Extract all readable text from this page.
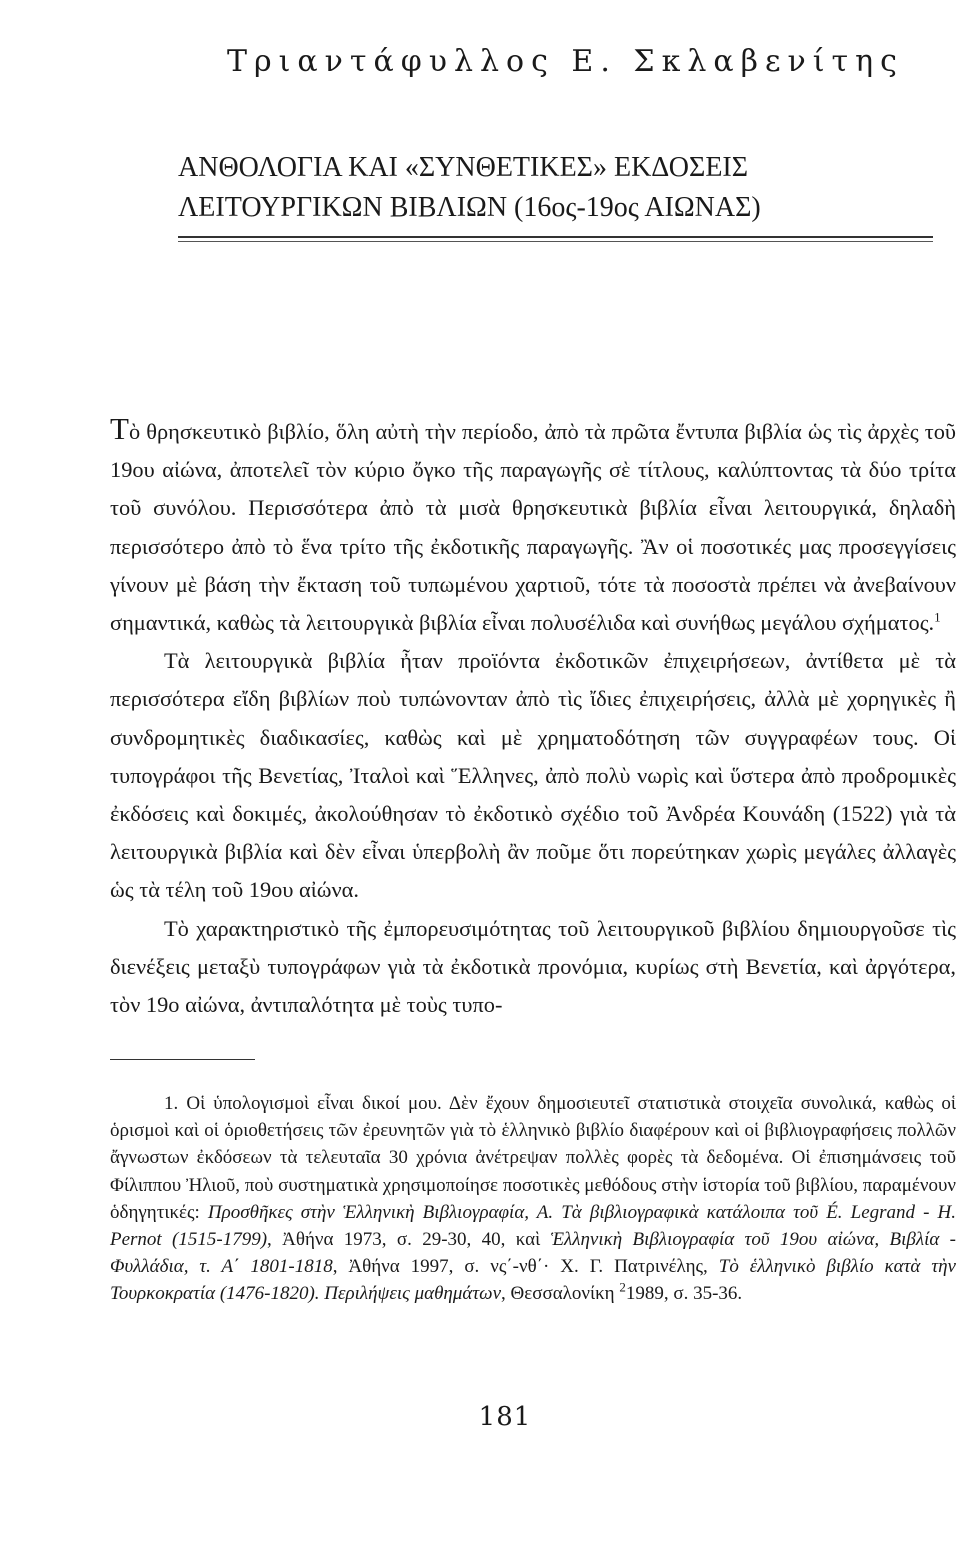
Τριαντάφυλλος Ε. Σκλαβενίτης
ΑΝΘΟΛΟΓΙΑ ΚΑΙ «ΣΥΝΘΕΤΙΚΕΣ» ΕΚΔΟΣΕΙΣ
ΛΕΙΤΟΥΡΓΙΚΩΝ ΒΙΒΛΙΩΝ (16ος-19ος ΑΙΩΝΑΣ)

Τὸ θρησκευτικὸ βιβλίο, ὅλη αὐτὴ τὴν περίοδο, ἀπὸ τὰ πρῶτα ἔντυπα βιβλία ὡς τὶς ἀρχὲς τοῦ 19ου αἰώνα, ἀποτελεῖ τὸν κύριο ὄγκο τῆς παραγωγῆς σὲ τίτλους, καλύπτοντας τὰ δύο τρίτα τοῦ συνόλου. Περισσότερα ἀπὸ τὰ μισὰ θρησκευτικὰ βιβλία εἶναι λειτουργικά, δηλαδὴ περισσότερο ἀπὸ τὸ ἕνα τρίτο τῆς ἐκδοτικῆς παραγωγῆς. Ἂν οἱ ποσοτικές μας προσεγγίσεις γίνουν μὲ βάση τὴν ἔκταση τοῦ τυπωμένου χαρτιοῦ, τότε τὰ ποσοστὰ πρέπει νὰ ἀνεβαίνουν σημαντικά, καθὼς τὰ λειτουργικὰ βιβλία εἶναι πολυσέλιδα καὶ συνήθως μεγάλου σχήματος.$^1$

Τὰ λειτουργικὰ βιβλία ἦταν προϊόντα ἐκδοτικῶν ἐπιχειρήσεων, ἀντίθετα μὲ τὰ περισσότερα εἴδη βιβλίων ποὺ τυπώνονταν ἀπὸ τὶς ἴδιες ἐπιχειρήσεις, ἀλλὰ μὲ χορηγικὲς ἢ συνδρομητικὲς διαδικασίες, καθὼς καὶ μὲ χρηματοδότηση τῶν συγγραφέων τους. Οἱ τυπογράφοι τῆς Βενετίας, Ἰταλοὶ καὶ Ἕλληνες, ἀπὸ πολὺ νωρὶς καὶ ὕστερα ἀπὸ προδρομικὲς ἐκδόσεις καὶ δοκιμές, ἀκολούθησαν τὸ ἐκδοτικὸ σχέδιο τοῦ Ἀνδρέα Κουνάδη (1522) γιὰ τὰ λειτουργικὰ βιβλία καὶ δὲν εἶναι ὑπερβολὴ ἂν ποῦμε ὅτι πορεύτηκαν χωρὶς μεγάλες ἀλλαγὲς ὡς τὰ τέλη τοῦ 19ου αἰώνα.

Τὸ χαρακτηριστικὸ τῆς ἐμπορευσιμότητας τοῦ λειτουργικοῦ βιβλίου δημιουργοῦσε τὶς διενέξεις μεταξὺ τυπογράφων γιὰ τὰ ἐκδοτικὰ προνόμια, κυρίως στὴ Βενετία, καὶ ἀργότερα, τὸν 19ο αἰώνα, ἀντιπαλότητα μὲ τοὺς τυπο-

1. Οἱ ὑπολογισμοὶ εἶναι δικοί μου. Δὲν ἔχουν δημοσιευτεῖ στατιστικὰ στοιχεῖα συνολικά, καθὼς οἱ ὁρισμοὶ καὶ οἱ ὁριοθετήσεις τῶν ἐρευνητῶν γιὰ τὸ ἑλληνικὸ βιβλίο διαφέρουν καὶ οἱ βιβλιογραφήσεις πολλῶν ἄγνωστων ἐκδόσεων τὰ τελευταῖα 30 χρόνια ἀνέτρεψαν πολλὲς φορὲς τὰ δεδομένα. Οἱ ἐπισημάνσεις τοῦ Φίλιππου Ἠλιοῦ, ποὺ συστηματικὰ χρησιμοποίησε ποσοτικὲς μεθόδους στὴν ἱστορία τοῦ βιβλίου, παραμένουν ὁδηγητικές: Προσθῆκες στὴν Ἑλληνικὴ Βιβλιογραφία, Α. Τὰ βιβλιογραφικὰ κατάλοιπα τοῦ É. Legrand - H. Pernot (1515-1799), Ἀθήνα 1973, σ. 29-30, 40, καὶ Ἑλληνικὴ Βιβλιογραφία τοῦ 19ου αἰώνα, Βιβλία - Φυλλάδια, τ. Α΄ 1801-1818, Ἀθήνα 1997, σ. νς΄-νθ΄· Χ. Γ. Πατρινέλης, Τὸ ἑλληνικὸ βιβλίο κατὰ τὴν Τουρκοκρατία (1476-1820). Περιλήψεις μαθημάτων, Θεσσαλονίκη $^2$1989, σ. 35-36.

181
